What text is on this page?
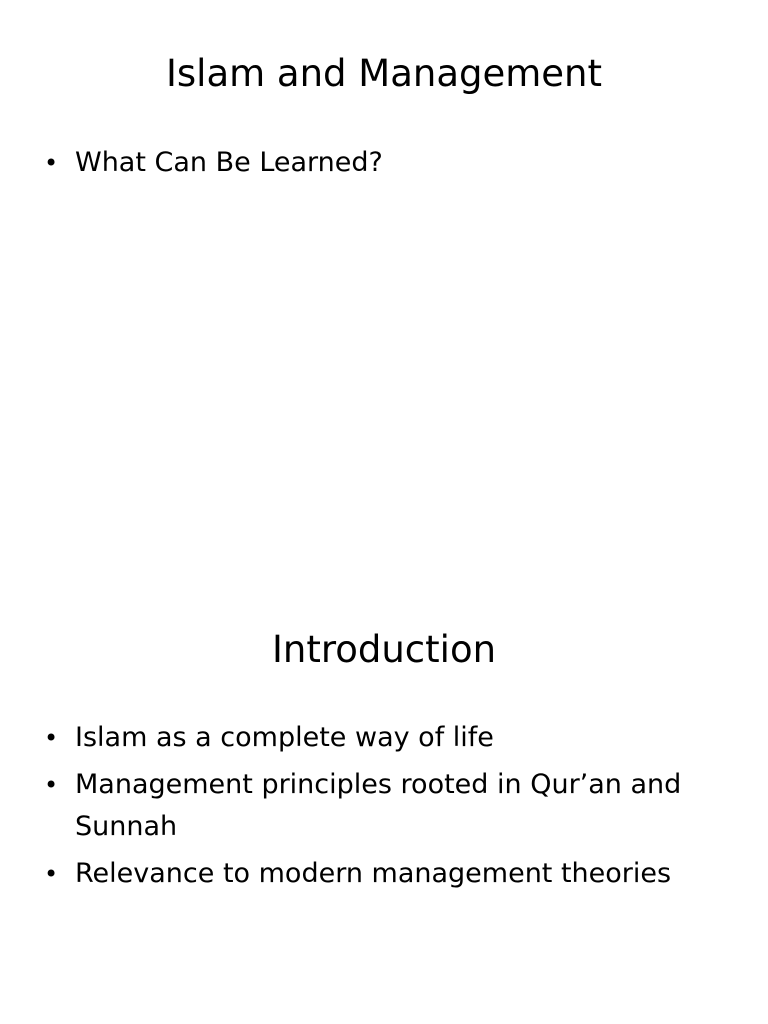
Islam and Management
• What Can Be Learned?
Introduction
• Islam as a complete way of life
• Management principles rooted in Qur’an and Sunnah
• Relevance to modern management theories
